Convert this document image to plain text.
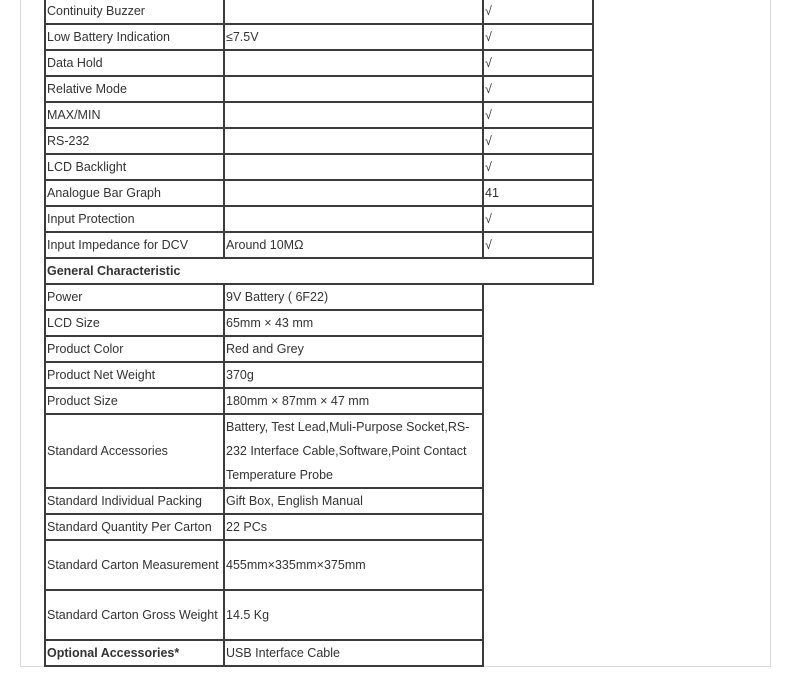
Continuity Buzzer		√
Low Battery Indication	≤7.5V	√
Data Hold		√
Relative Mode		√
MAX/MIN		√
RS-232		√
LCD Backlight		√
Analogue Bar Graph		41
Input Protection		√
Input Impedance for DCV	Around 10MΩ	√
General Characteristic		
Power	9V Battery ( 6F22)	
LCD Size	65mm × 43 mm	
Product Color	Red and Grey	
Product Net Weight	370g	
Product Size	180mm × 87mm × 47 mm	
Standard Accessories	Battery, Test Lead,Muli-Purpose Socket,RS-232 Interface Cable,Software,Point Contact Temperature Probe	
Standard Individual Packing	Gift Box, English Manual	
Standard Quantity Per Carton	22 PCs	
Standard Carton Measurement	455mm×335mm×375mm	
Standard Carton Gross Weight	14.5 Kg	
Optional Accessories*	USB Interface Cable	
